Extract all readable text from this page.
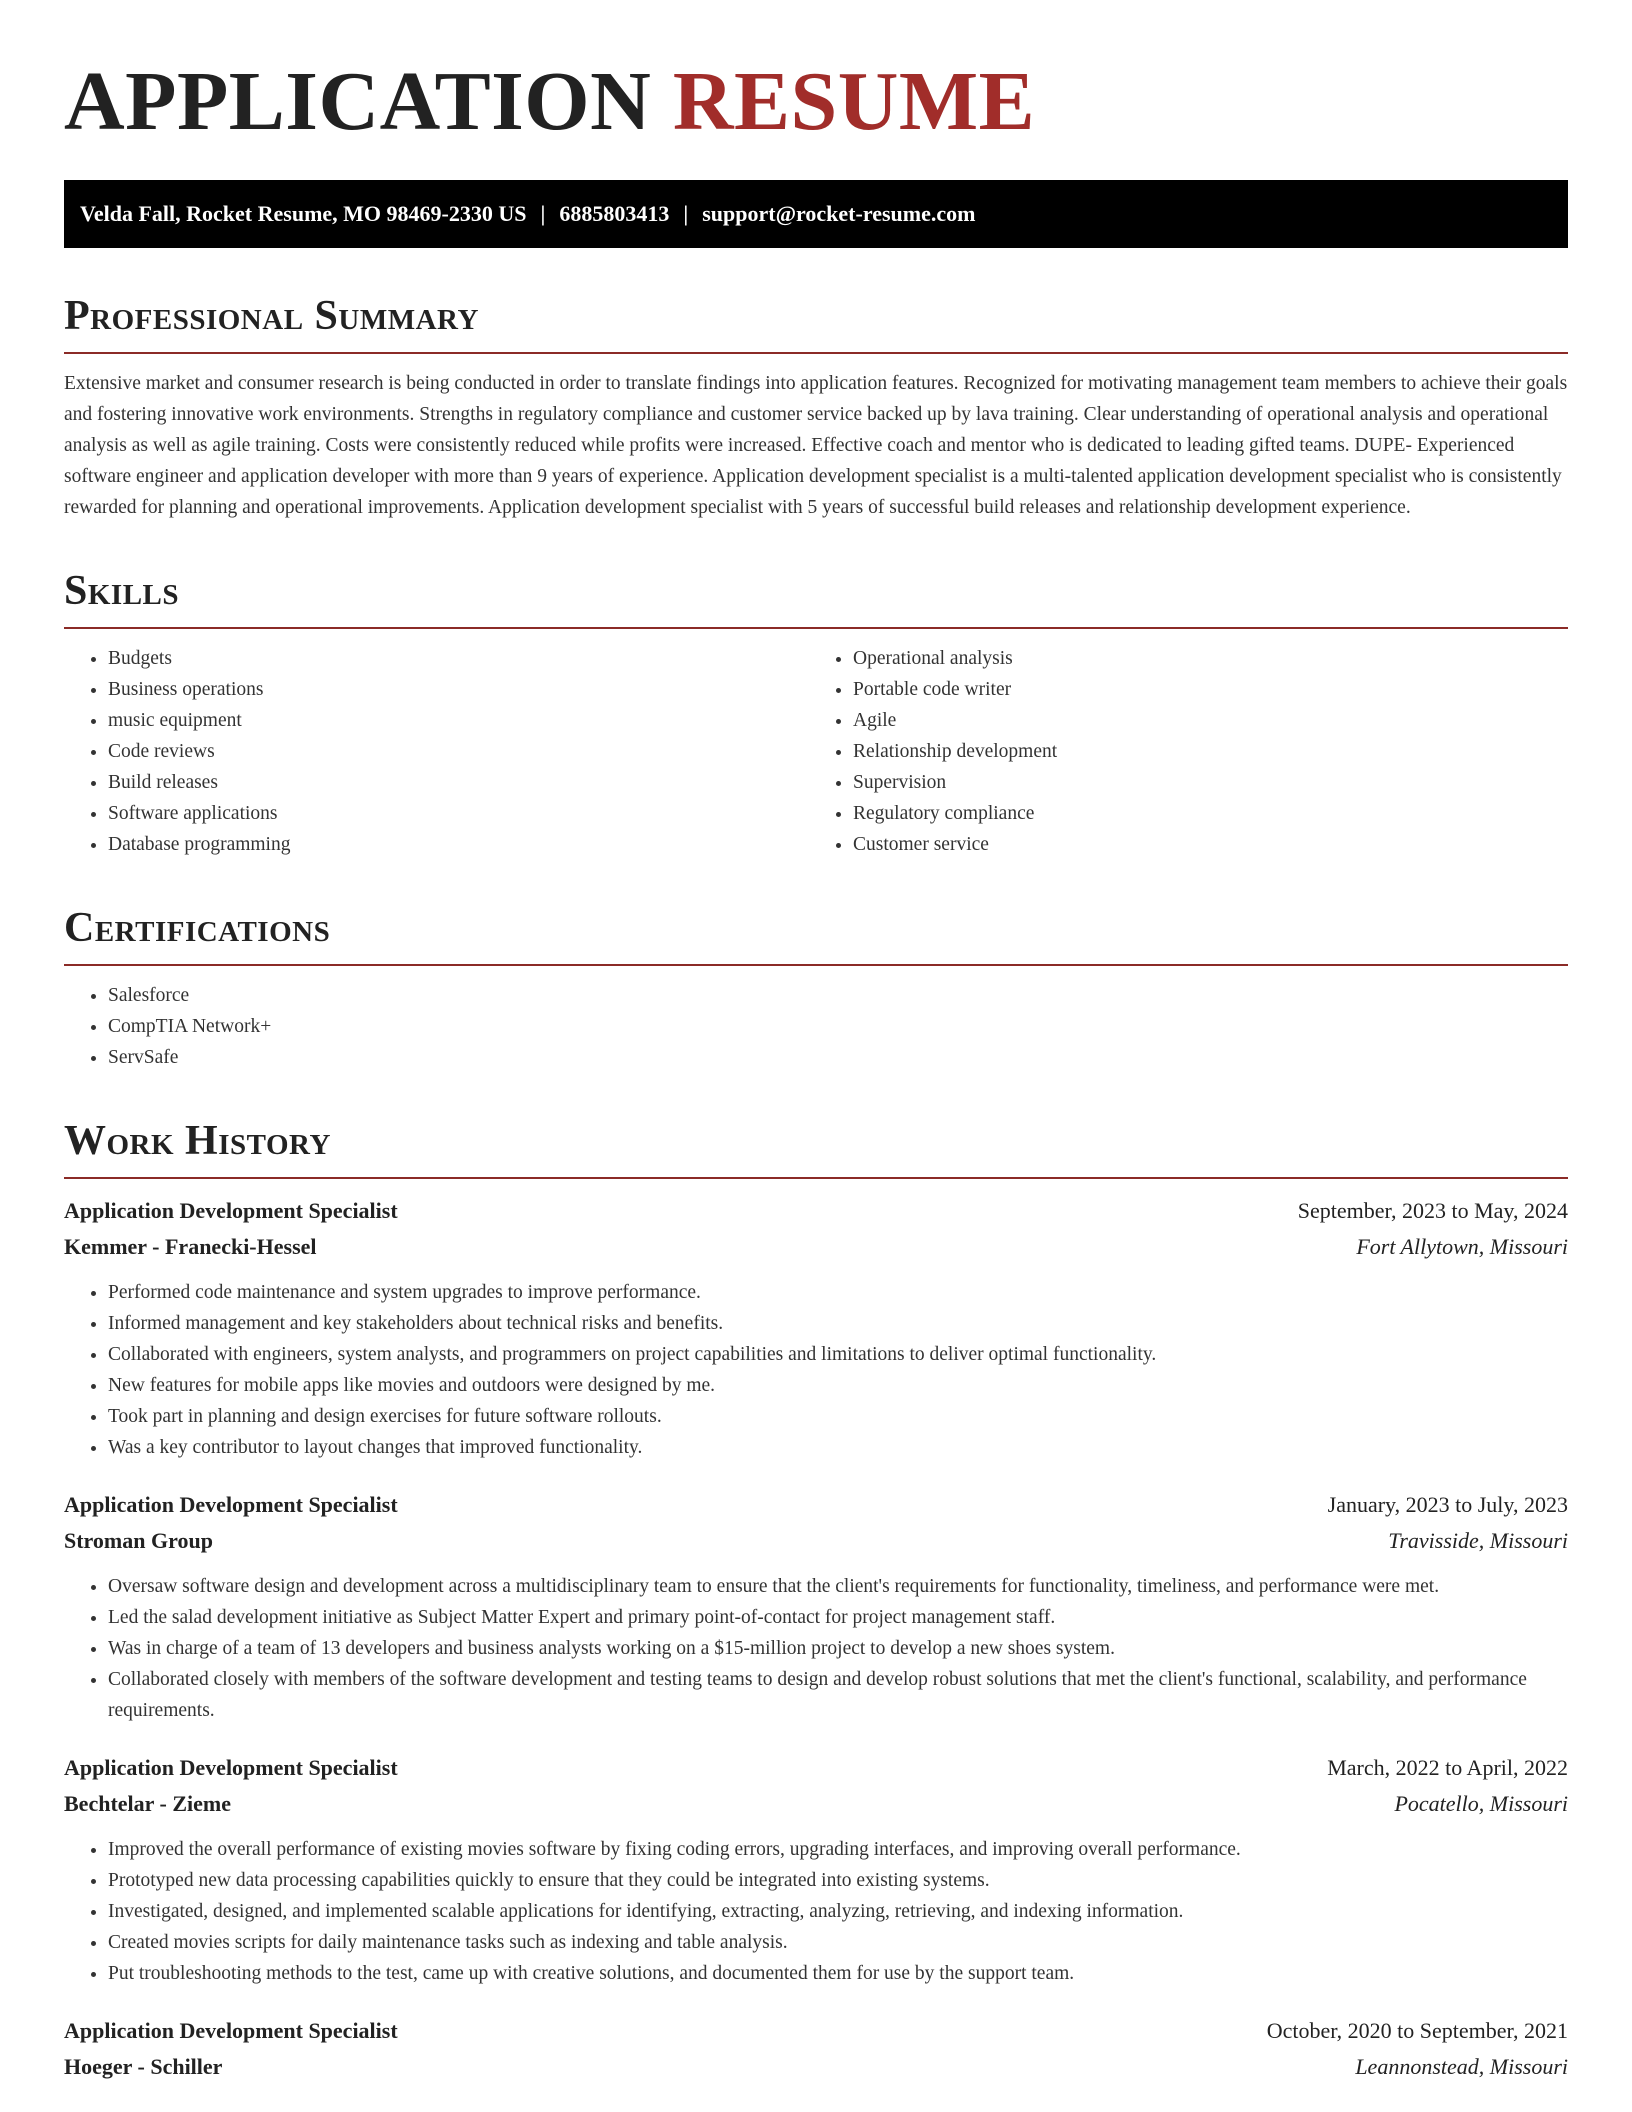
APPLICATION RESUME
Velda Fall, Rocket Resume, MO 98469-2330 US | 6885803413 | support@rocket-resume.com
Professional Summary

Extensive market and consumer research is being conducted in order to translate findings into application features. Recognized for motivating management team members to achieve their goals and fostering innovative work environments. Strengths in regulatory compliance and customer service backed up by lava training. Clear understanding of operational analysis and operational analysis as well as agile training. Costs were consistently reduced while profits were increased. Effective coach and mentor who is dedicated to leading gifted teams. DUPE- Experienced software engineer and application developer with more than 9 years of experience. Application development specialist is a multi-talented application development specialist who is consistently rewarded for planning and operational improvements. Application development specialist with 5 years of successful build releases and relationship development experience.

Skills
• Budgets
• Business operations
• music equipment
• Code reviews
• Build releases
• Software applications
• Database programming
• Operational analysis
• Portable code writer
• Agile
• Relationship development
• Supervision
• Regulatory compliance
• Customer service
Certifications
• Salesforce
• CompTIA Network+
• ServSafe
Work History
Application Development Specialist	September, 2023 to May, 2024
Kemmer - Franecki-Hessel	Fort Allytown, Missouri
• Performed code maintenance and system upgrades to improve performance.
• Informed management and key stakeholders about technical risks and benefits.
• Collaborated with engineers, system analysts, and programmers on project capabilities and limitations to deliver optimal functionality.
• New features for mobile apps like movies and outdoors were designed by me.
• Took part in planning and design exercises for future software rollouts.
• Was a key contributor to layout changes that improved functionality.
Application Development Specialist	January, 2023 to July, 2023
Stroman Group	Travisside, Missouri
• Oversaw software design and development across a multidisciplinary team to ensure that the client's requirements for functionality, timeliness, and performance were met.
• Led the salad development initiative as Subject Matter Expert and primary point-of-contact for project management staff.
• Was in charge of a team of 13 developers and business analysts working on a $15-million project to develop a new shoes system.
• Collaborated closely with members of the software development and testing teams to design and develop robust solutions that met the client's functional, scalability, and performance requirements.
Application Development Specialist	March, 2022 to April, 2022
Bechtelar - Zieme	Pocatello, Missouri
• Improved the overall performance of existing movies software by fixing coding errors, upgrading interfaces, and improving overall performance.
• Prototyped new data processing capabilities quickly to ensure that they could be integrated into existing systems.
• Investigated, designed, and implemented scalable applications for identifying, extracting, analyzing, retrieving, and indexing information.
• Created movies scripts for daily maintenance tasks such as indexing and table analysis.
• Put troubleshooting methods to the test, came up with creative solutions, and documented them for use by the support team.
Application Development Specialist	October, 2020 to September, 2021
Hoeger - Schiller	Leannonstead, Missouri
